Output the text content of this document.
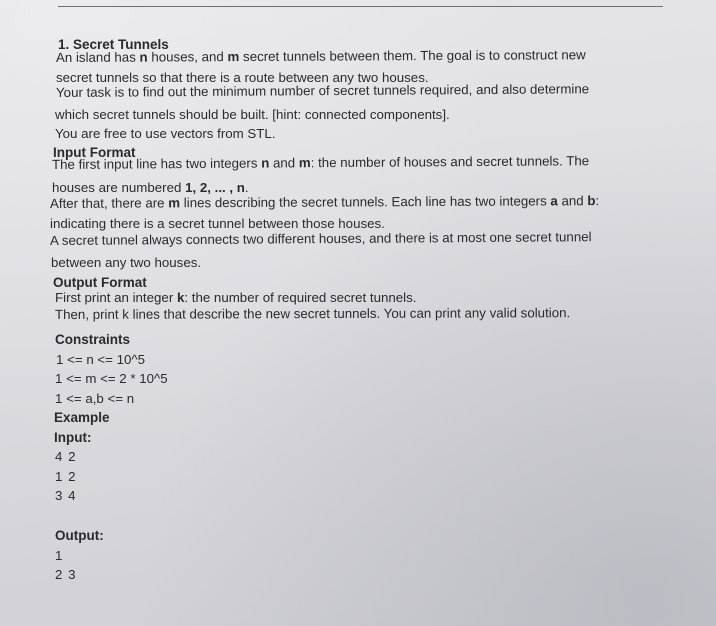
1. Secret Tunnels
An island has n houses, and m secret tunnels between them. The goal is to construct new
secret tunnels so that there is a route between any two houses.
Your task is to find out the minimum number of secret tunnels required, and also determine
which secret tunnels should be built. [hint: connected components].
You are free to use vectors from STL.
Input Format
The first input line has two integers n and m: the number of houses and secret tunnels. The
houses are numbered 1, 2, ... , n.
After that, there are m lines describing the secret tunnels. Each line has two integers a and b:
indicating there is a secret tunnel between those houses.
A secret tunnel always connects two different houses, and there is at most one secret tunnel
between any two houses.
Output Format
First print an integer k: the number of required secret tunnels.
Then, print k lines that describe the new secret tunnels. You can print any valid solution.
Constraints
1 <= n <= 10^5
1 <= m <= 2 * 10^5
1 <= a,b <= n
Example
Input:
4 2
1 2
3 4
Output:
1
2 3
